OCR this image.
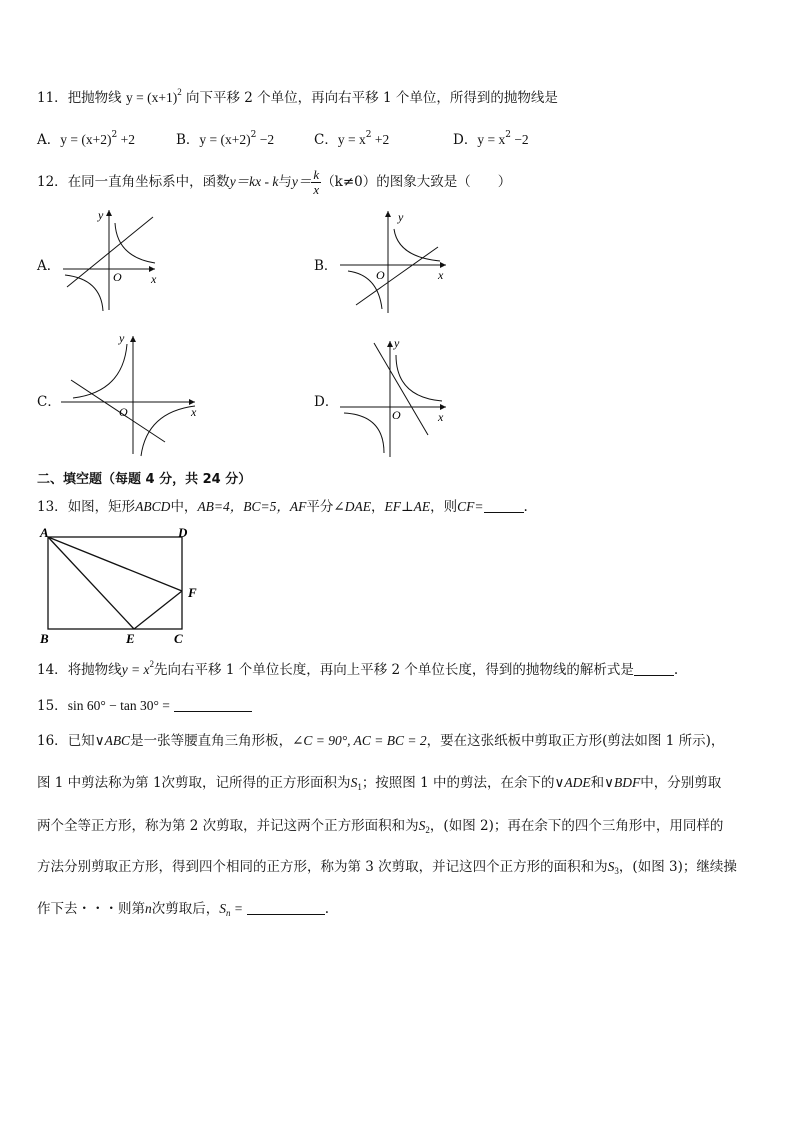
11．把抛物线 $y = (x+1)^2$ 向下平移 2 个单位，再向右平移 1 个单位，所得到的抛物线是
A．$y = (x+2)^2 +2$	B．$y = (x+2)^2 -2$	C．$y = x^2 +2$	D．$y = x^2 -2$
12．在同一直角坐标系中，函数y＝kx - k与$y= \frac{k}{x} (k\ne 0)$的图象大致是（　　）
A．
y
x
O
B．
y
x
O
C．
y
x
O
D．
y
x
O
二、填空题（每题 4 分，共 24 分）
13．如图，矩形ABCD中，AB=4，BC=5，AF平分∠DAE，EF⊥AE，则CF=	.
A	D
B	C
E
F
14．将抛物线$y = x^2$先向右平移 1 个单位长度，再向上平移 2 个单位长度，得到的抛物线的解析式是	.
15．sin 60° − tan 30° =
16．已知∨ABC是一张等腰直角三角形板，∠C = 90°, AC = BC = 2，要在这张纸板中剪取正方形(剪法如图 1 所示)，
图 1 中剪法称为第 1次剪取，记所得的正方形面积为$S_1$；按照图 1 中的剪法，在余下的∨ADE和∨BDF中，分别剪取
两个全等正方形，称为第 2 次剪取，并记这两个正方形面积和为$S_2$，(如图 2)；再在余下的四个三角形中，用同样的
方法分别剪取正方形，得到四个相同的正方形，称为第 3 次剪取，并记这四个正方形的面积和为$S_3$，(如图 3)；继续操
作下去・・・则第n次剪取后，$S_n$ =	.
